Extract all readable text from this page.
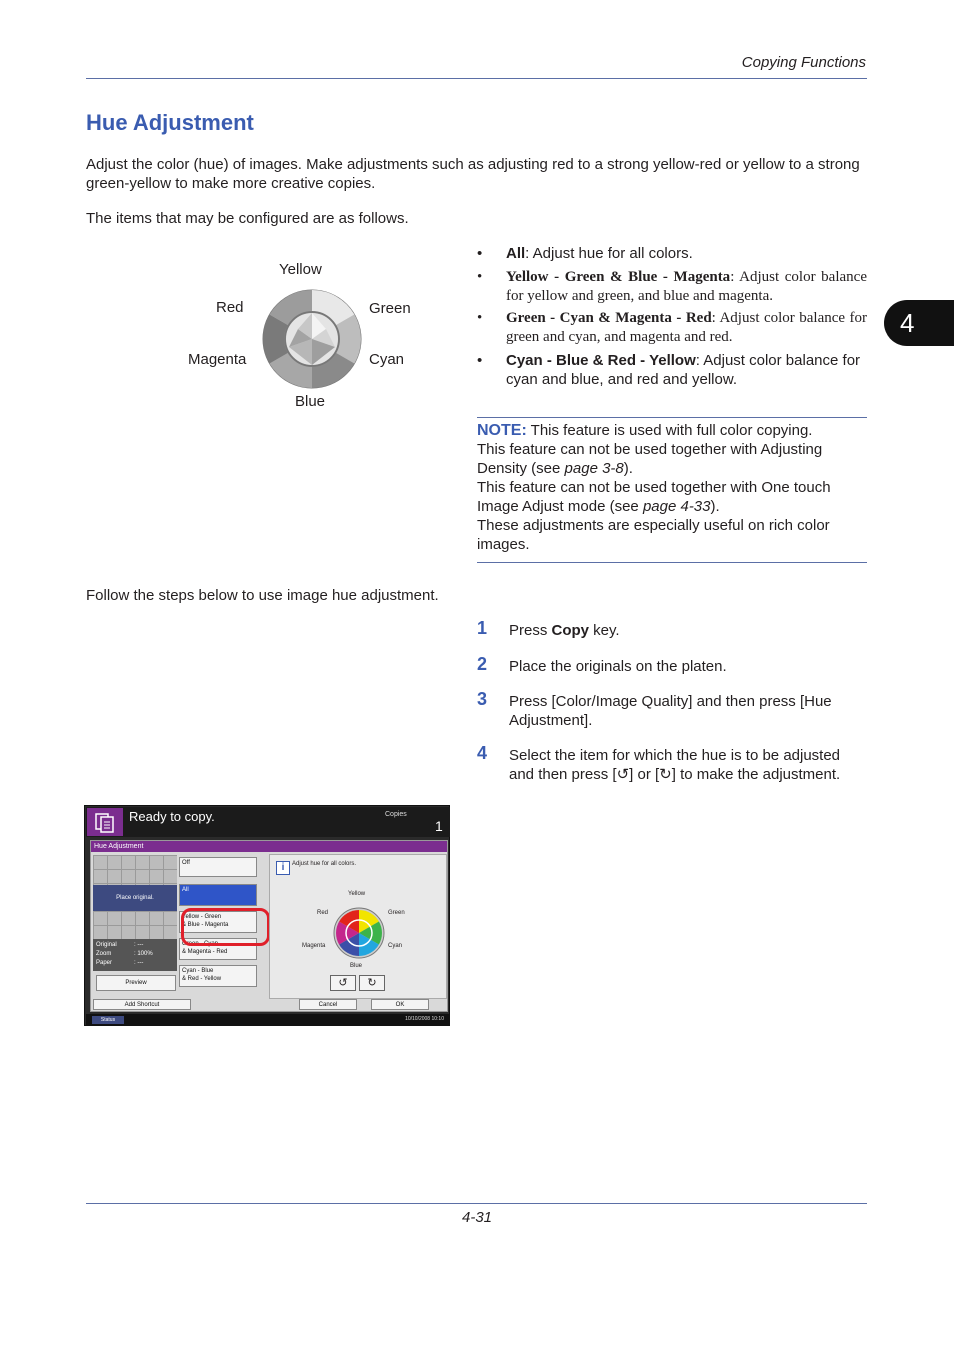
Copying Functions
4
Hue Adjustment
Adjust the color (hue) of images. Make adjustments such as adjusting red to a strong yellow-red or yellow to a strong green-yellow to make more creative copies.
The items that may be configured are as follows.
Yellow
Red	Green
Magenta	Cyan
Blue
• All: Adjust hue for all colors.
• Yellow - Green & Blue - Magenta: Adjust color balance for yellow and green, and blue and magenta.
• Green - Cyan & Magenta - Red: Adjust color balance for green and cyan, and magenta and red.
• Cyan - Blue & Red - Yellow: Adjust color balance for cyan and blue, and red and yellow.
NOTE: This feature is used with full color copying.
This feature can not be used together with Adjusting Density (see page 3-8).
This feature can not be used together with One touch Image Adjust mode (see page 4-33).
These adjustments are especially useful on rich color images.
Follow the steps below to use image hue adjustment.
1 Press Copy key.
2 Place the originals on the platen.
3 Press [Color/Image Quality] and then press [Hue Adjustment].
4 Select the item for which the hue is to be adjusted and then press [↺] or [↻] to make the adjustment.
Ready to copy.	Copies
1
Hue Adjustment
Place original.
Original	: ---
Zoom	: 100%
Paper	: ---
Preview
Off
All
Yellow - Green
& Blue - Magenta
Green - Cyan
& Magenta - Red
Cyan - Blue
& Red - Yellow
i	Adjust hue for all colors.
Yellow
Red	Green
Magenta	Cyan
Blue
↺	↻
Add Shortcut	Cancel	OK
Status	10/10/2008 10:10
4-31
